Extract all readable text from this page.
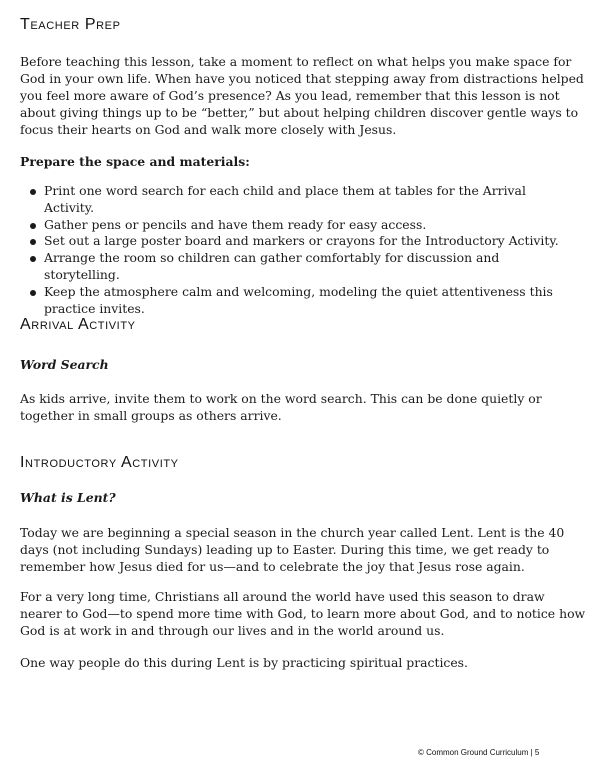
Teacher Prep

Before teaching this lesson, take a moment to reflect on what helps you make space for God in your own life. When have you noticed that stepping away from distractions helped you feel more aware of God’s presence? As you lead, remember that this lesson is not about giving things up to be “better,” but about helping children discover gentle ways to focus their hearts on God and walk more closely with Jesus.

Prepare the space and materials:

Print one word search for each child and place them at tables for the Arrival Activity.
Gather pens or pencils and have them ready for easy access.
Set out a large poster board and markers or crayons for the Introductory Activity.
Arrange the room so children can gather comfortably for discussion and storytelling.
Keep the atmosphere calm and welcoming, modeling the quiet attentiveness this practice invites.
Arrival Activity

Word Search

As kids arrive, invite them to work on the word search. This can be done quietly or together in small groups as others arrive.

Introductory Activity

What is Lent?

Today we are beginning a special season in the church year called Lent. Lent is the 40 days (not including Sundays) leading up to Easter. During this time, we get ready to remember how Jesus died for us—and to celebrate the joy that Jesus rose again.

For a very long time, Christians all around the world have used this season to draw nearer to God—to spend more time with God, to learn more about God, and to notice how God is at work in and through our lives and in the world around us.

One way people do this during Lent is by practicing spiritual practices.

© Common Ground Curriculum | 5
